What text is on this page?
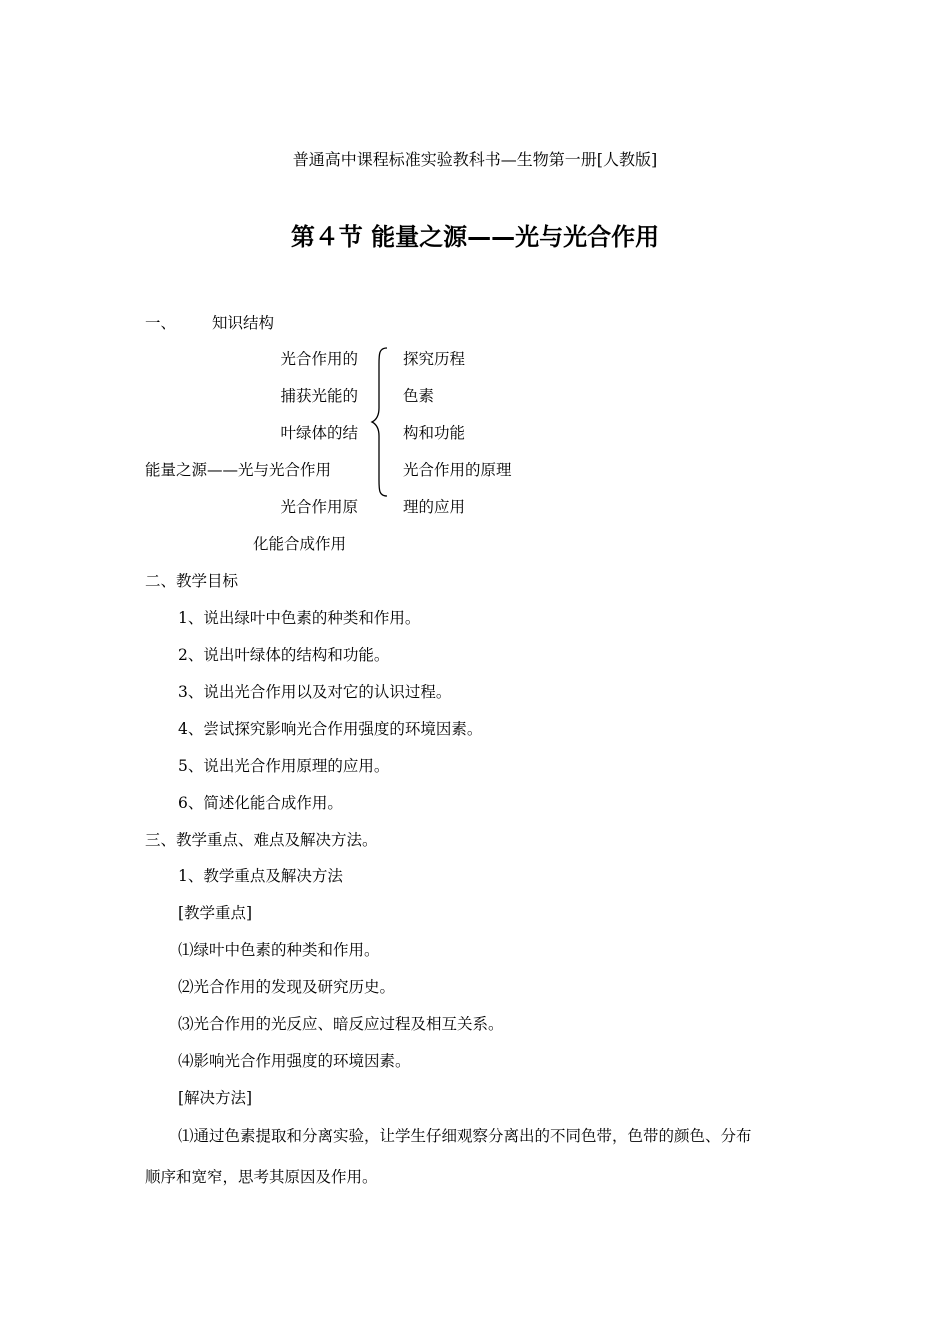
普通高中课程标准实验教科书—生物第一册[人教版]
第４节 能量之源——光与光合作用
一、 知识结构
光合作用的
捕获光能的
叶绿体的结
能量之源——光与光合作用
光合作用原
化能合成作用
探究历程
色素
构和功能
光合作用的原理
理的应用
二、教学目标
1、说出绿叶中色素的种类和作用。
2、说出叶绿体的结构和功能。
3、说出光合作用以及对它的认识过程。
4、尝试探究影响光合作用强度的环境因素。
5、说出光合作用原理的应用。
6、简述化能合成作用。
三、教学重点、难点及解决方法。
1、教学重点及解决方法
[教学重点]
⑴绿叶中色素的种类和作用。
⑵光合作用的发现及研究历史。
⑶光合作用的光反应、暗反应过程及相互关系。
⑷影响光合作用强度的环境因素。
[解决方法]
⑴通过色素提取和分离实验，让学生仔细观察分离出的不同色带，色带的颜色、分布
顺序和宽窄，思考其原因及作用。
